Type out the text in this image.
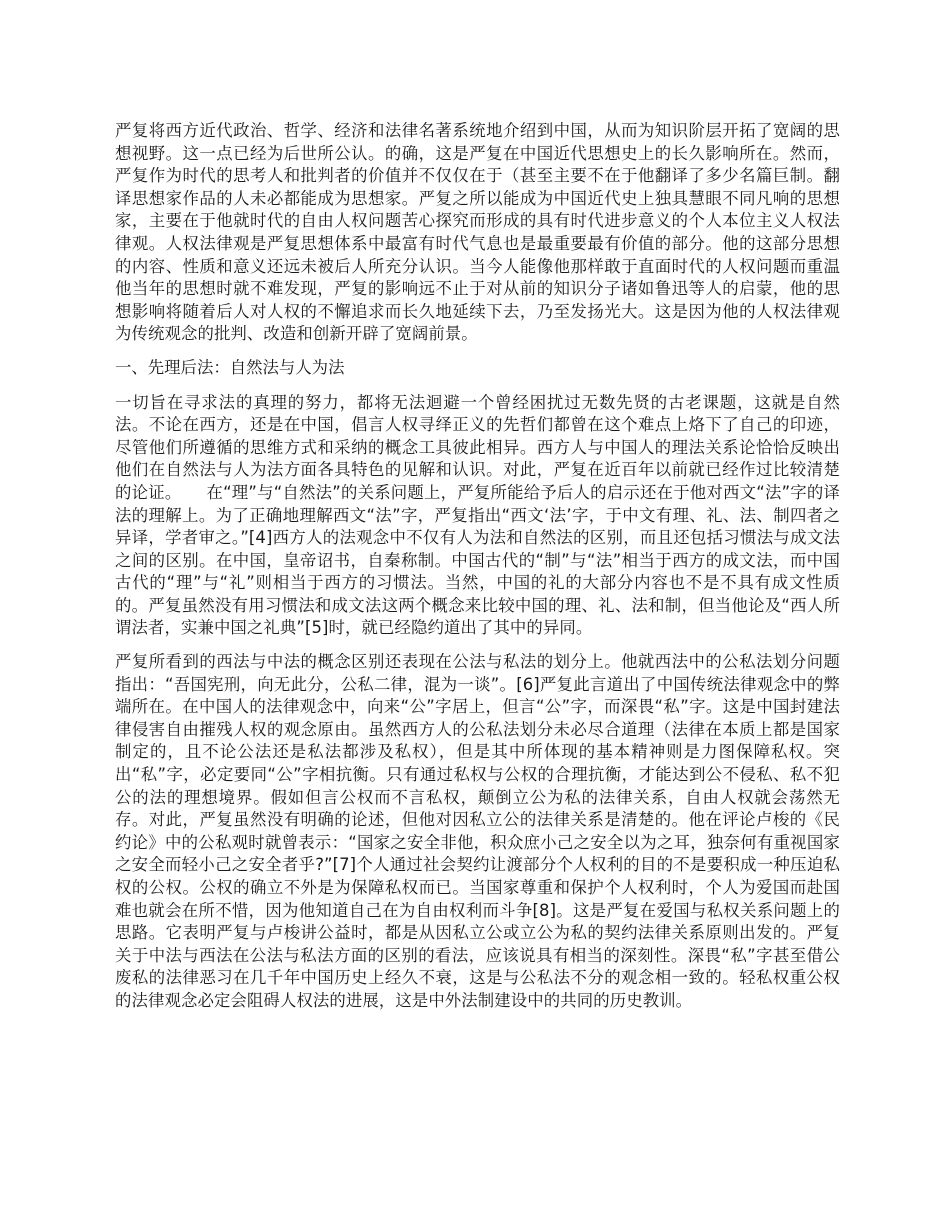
严复将西方近代政治、哲学、经济和法律名著系统地介绍到中国，从而为知识阶层开拓了宽阔的思想视野。这一点已经为后世所公认。的确，这是严复在中国近代思想史上的长久影响所在。然而，严复作为时代的思考人和批判者的价值并不仅仅在于（甚至主要不在于他翻译了多少名篇巨制。翻译思想家作品的人未必都能成为思想家。严复之所以能成为中国近代史上独具慧眼不同凡响的思想家，主要在于他就时代的自由人权问题苦心探究而形成的具有时代进步意义的个人本位主义人权法律观。人权法律观是严复思想体系中最富有时代气息也是最重要最有价值的部分。他的这部分思想的内容、性质和意义还远未被后人所充分认识。当今人能像他那样敢于直面时代的人权问题而重温他当年的思想时就不难发现，严复的影响远不止于对从前的知识分子诸如鲁迅等人的启蒙，他的思想影响将随着后人对人权的不懈追求而长久地延续下去，乃至发扬光大。这是因为他的人权法律观为传统观念的批判、改造和创新开辟了宽阔前景。

一、先理后法：自然法与人为法

一切旨在寻求法的真理的努力，都将无法迴避一个曾经困扰过无数先贤的古老课题，这就是自然法。不论在西方，还是在中国，倡言人权寻绎正义的先哲们都曾在这个难点上烙下了自己的印迹，尽管他们所遵循的思维方式和采纳的概念工具彼此相异。西方人与中国人的理法关系论恰恰反映出他们在自然法与人为法方面各具特色的见解和认识。对此，严复在近百年以前就已经作过比较清楚的论证。　　在“理”与“自然法”的关系问题上，严复所能给予后人的启示还在于他对西文“法”字的译法的理解上。为了正确地理解西文“法”字，严复指出“西文‘法’字，于中文有理、礼、法、制四者之异译，学者审之。”[4]西方人的法观念中不仅有人为法和自然法的区别，而且还包括习惯法与成文法之间的区别。在中国，皇帝诏书，自秦称制。中国古代的“制”与“法”相当于西方的成文法，而中国古代的“理”与“礼”则相当于西方的习惯法。当然，中国的礼的大部分内容也不是不具有成文性质的。严复虽然没有用习惯法和成文法这两个概念来比较中国的理、礼、法和制，但当他论及“西人所谓法者，实兼中国之礼典”[5]时，就已经隐约道出了其中的异同。

严复所看到的西法与中法的概念区别还表现在公法与私法的划分上。他就西法中的公私法划分问题指出：“吾国宪刑，向无此分，公私二律，混为一谈”。[6]严复此言道出了中国传统法律观念中的弊端所在。在中国人的法律观念中，向来“公”字居上，但言“公”字，而深畏“私”字。这是中国封建法律侵害自由摧残人权的观念原由。虽然西方人的公私法划分未必尽合道理（法律在本质上都是国家制定的，且不论公法还是私法都涉及私权），但是其中所体现的基本精神则是力图保障私权。突出“私”字，必定要同“公”字相抗衡。只有通过私权与公权的合理抗衡，才能达到公不侵私、私不犯公的法的理想境界。假如但言公权而不言私权，颠倒立公为私的法律关系，自由人权就会荡然无存。对此，严复虽然没有明确的论述，但他对因私立公的法律关系是清楚的。他在评论卢梭的《民约论》中的公私观时就曾表示：“国家之安全非他，积众庶小己之安全以为之耳，独奈何有重视国家之安全而轻小己之安全者乎?”[7]个人通过社会契约让渡部分个人权利的目的不是要积成一种压迫私权的公权。公权的确立不外是为保障私权而已。当国家尊重和保护个人权利时，个人为爱国而赴国难也就会在所不惜，因为他知道自己在为自由权利而斗争[8]。这是严复在爱国与私权关系问题上的思路。它表明严复与卢梭讲公益时，都是从因私立公或立公为私的契约法律关系原则出发的。严复关于中法与西法在公法与私法方面的区别的看法，应该说具有相当的深刻性。深畏“私”字甚至借公废私的法律恶习在几千年中国历史上经久不衰，这是与公私法不分的观念相一致的。轻私权重公权的法律观念必定会阻碍人权法的进展，这是中外法制建设中的共同的历史教训。
